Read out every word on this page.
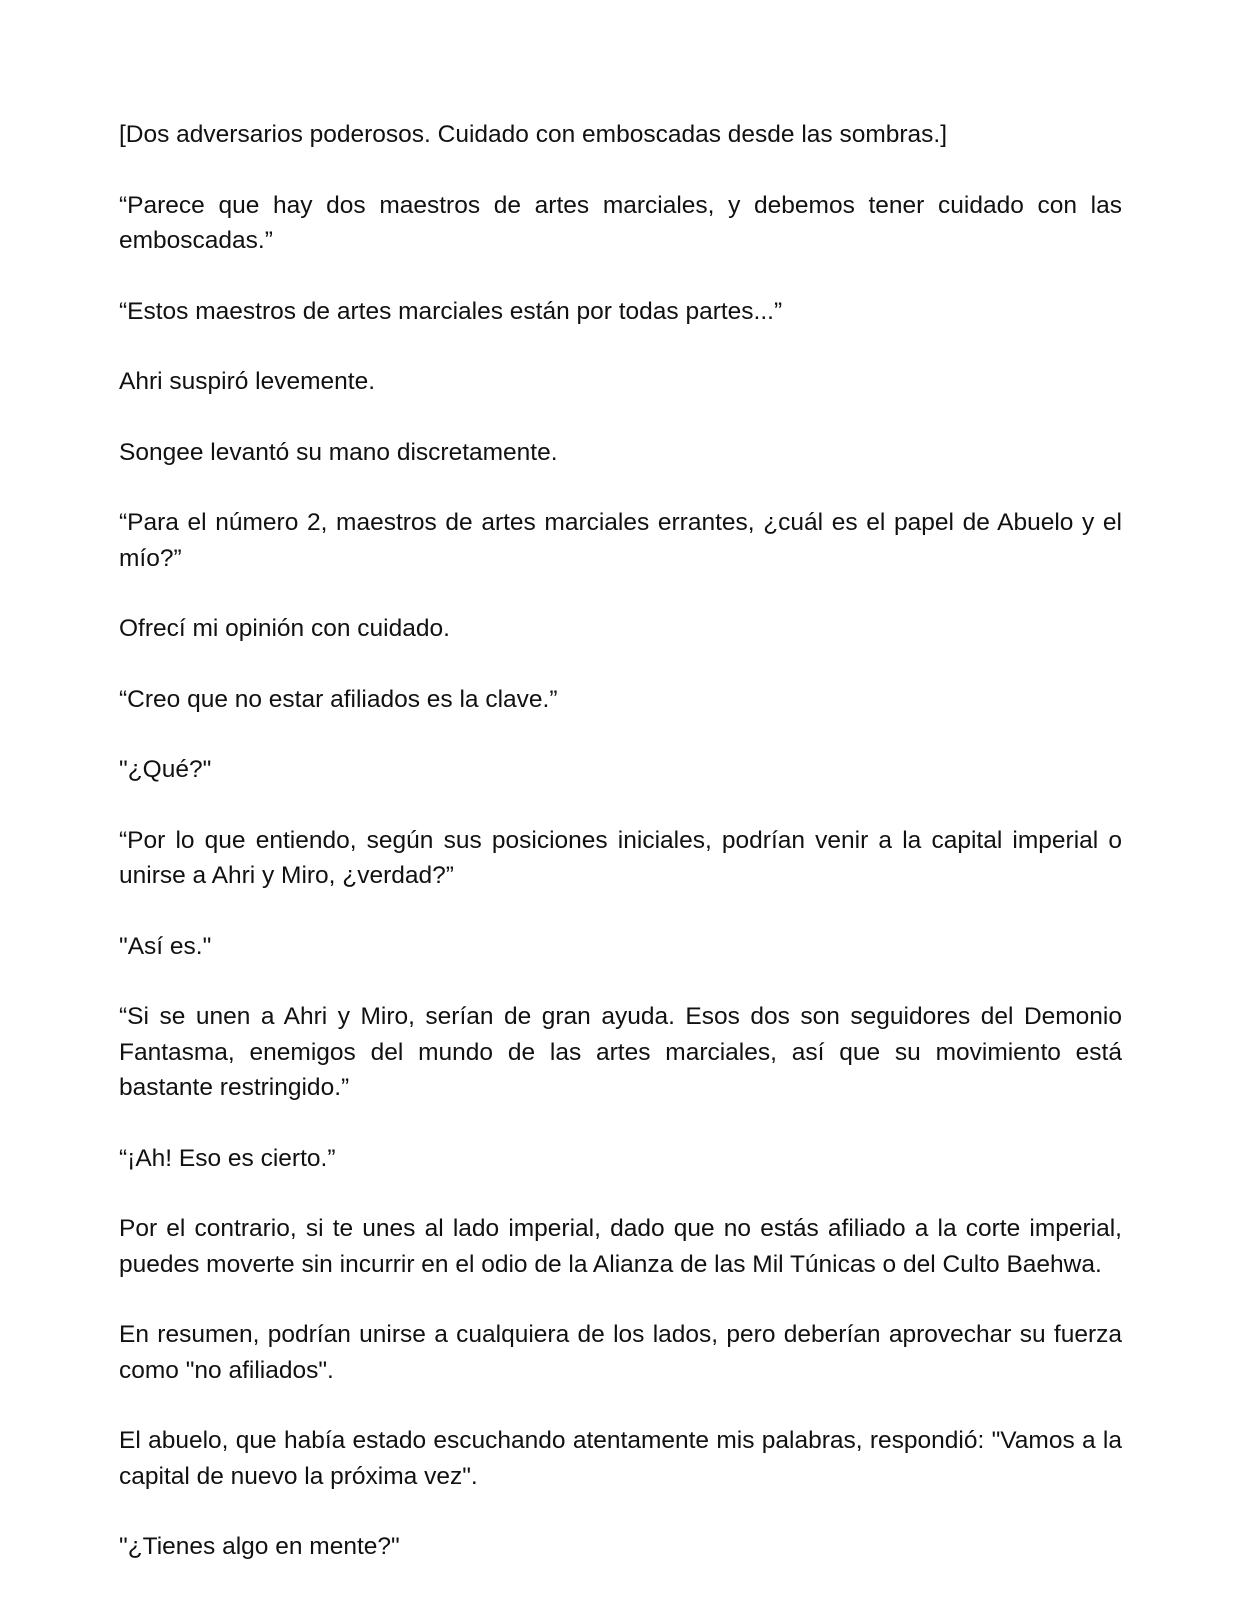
[Dos adversarios poderosos. Cuidado con emboscadas desde las sombras.]

“Parece que hay dos maestros de artes marciales, y debemos tener cuidado con las emboscadas.”

“Estos maestros de artes marciales están por todas partes...”

Ahri suspiró levemente.

Songee levantó su mano discretamente.

“Para el número 2, maestros de artes marciales errantes, ¿cuál es el papel de Abuelo y el mío?”

Ofrecí mi opinión con cuidado.

“Creo que no estar afiliados es la clave.”

"¿Qué?"

“Por lo que entiendo, según sus posiciones iniciales, podrían venir a la capital imperial o unirse a Ahri y Miro, ¿verdad?”

"Así es."

“Si se unen a Ahri y Miro, serían de gran ayuda. Esos dos son seguidores del Demonio Fantasma, enemigos del mundo de las artes marciales, así que su movimiento está bastante restringido.”

“¡Ah! Eso es cierto.”

Por el contrario, si te unes al lado imperial, dado que no estás afiliado a la corte imperial, puedes moverte sin incurrir en el odio de la Alianza de las Mil Túnicas o del Culto Baehwa.

En resumen, podrían unirse a cualquiera de los lados, pero deberían aprovechar su fuerza como "no afiliados".

El abuelo, que había estado escuchando atentamente mis palabras, respondió: "Vamos a la capital de nuevo la próxima vez".

"¿Tienes algo en mente?"
